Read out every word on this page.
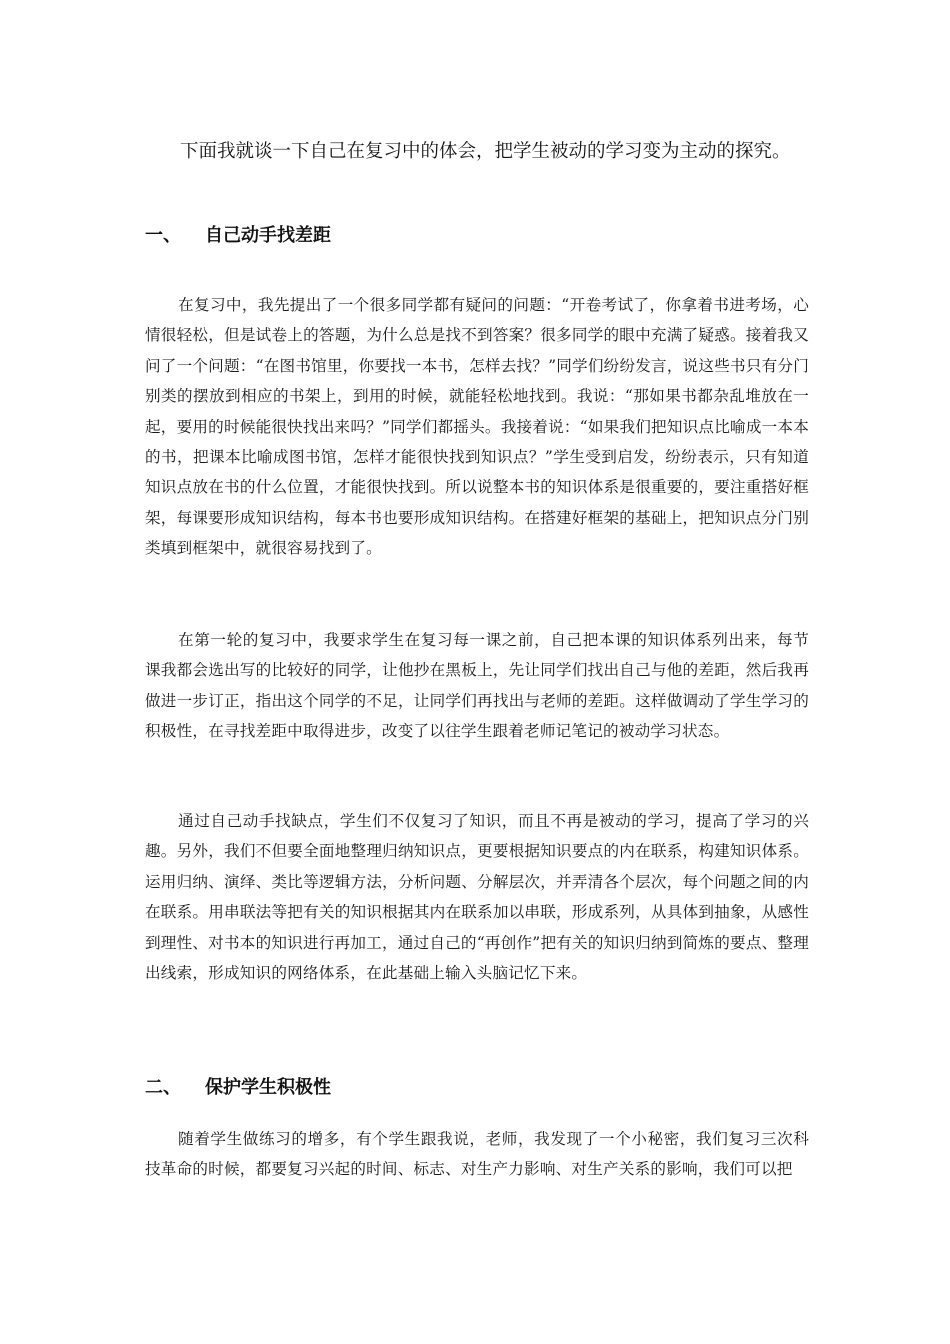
下面我就谈一下自己在复习中的体会，把学生被动的学习变为主动的探究。
一、 自己动手找差距

在复习中，我先提出了一个很多同学都有疑问的问题：“开卷考试了，你拿着书进考场，心情很轻松，但是试卷上的答题，为什么总是找不到答案？很多同学的眼中充满了疑惑。接着我又问了一个问题：“在图书馆里，你要找一本书，怎样去找？”同学们纷纷发言，说这些书只有分门别类的摆放到相应的书架上，到用的时候，就能轻松地找到。我说：“那如果书都杂乱堆放在一起，要用的时候能很快找出来吗？”同学们都摇头。我接着说：“如果我们把知识点比喻成一本本的书，把课本比喻成图书馆，怎样才能很快找到知识点？”学生受到启发，纷纷表示，只有知道知识点放在书的什么位置，才能很快找到。所以说整本书的知识体系是很重要的，要注重搭好框架，每课要形成知识结构，每本书也要形成知识结构。在搭建好框架的基础上，把知识点分门别类填到框架中，就很容易找到了。

在第一轮的复习中，我要求学生在复习每一课之前，自己把本课的知识体系列出来，每节课我都会选出写的比较好的同学，让他抄在黑板上，先让同学们找出自己与他的差距，然后我再做进一步订正，指出这个同学的不足，让同学们再找出与老师的差距。这样做调动了学生学习的积极性，在寻找差距中取得进步，改变了以往学生跟着老师记笔记的被动学习状态。

通过自己动手找缺点，学生们不仅复习了知识，而且不再是被动的学习，提高了学习的兴趣。另外，我们不但要全面地整理归纳知识点，更要根据知识要点的内在联系，构建知识体系。运用归纳、演绎、类比等逻辑方法，分析问题、分解层次，并弄清各个层次，每个问题之间的内在联系。用串联法等把有关的知识根据其内在联系加以串联，形成系列，从具体到抽象，从感性到理性、对书本的知识进行再加工，通过自己的“再创作”把有关的知识归纳到简炼的要点、整理出线索，形成知识的网络体系，在此基础上输入头脑记忆下来。

二、 保护学生积极性

随着学生做练习的增多，有个学生跟我说，老师，我发现了一个小秘密，我们复习三次科技革命的时候，都要复习兴起的时间、标志、对生产力影响、对生产关系的影响，我们可以把
